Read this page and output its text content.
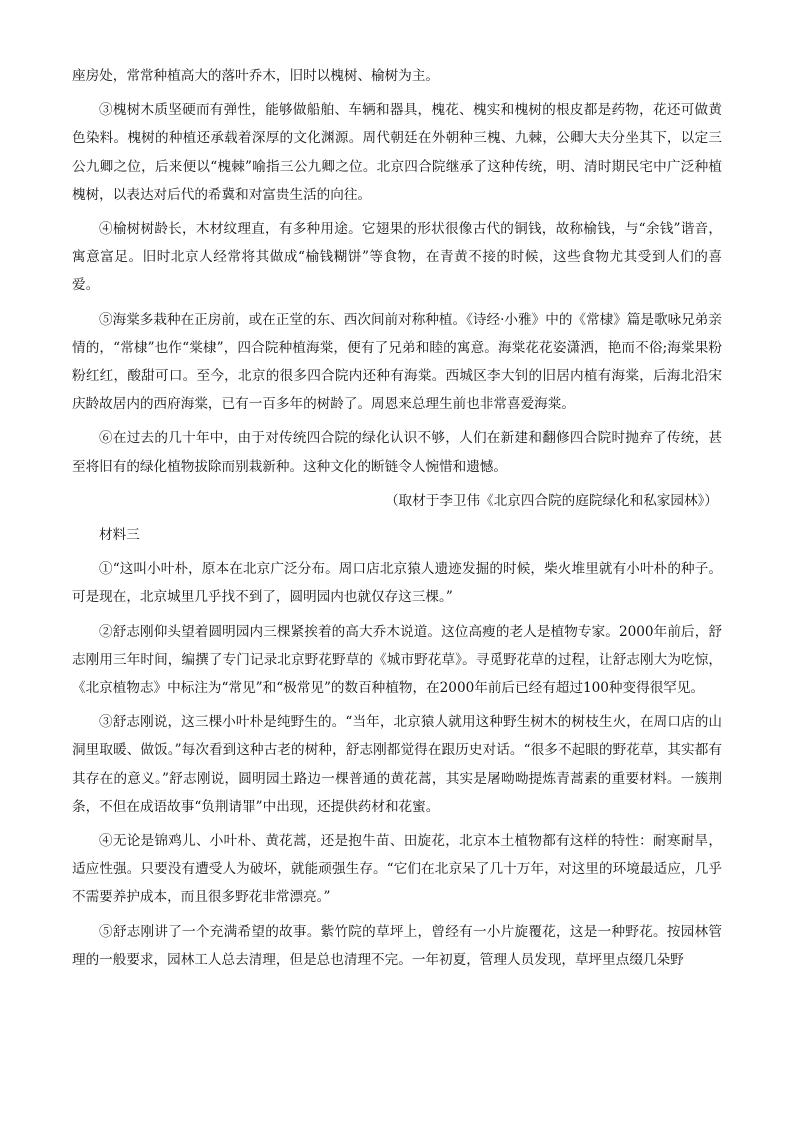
座房处，常常种植高大的落叶乔木，旧时以槐树、榆树为主。

③槐树木质坚硬而有弹性，能够做船舶、车辆和器具，槐花、槐实和槐树的根皮都是药物，花还可做黄色染料。槐树的种植还承载着深厚的文化渊源。周代朝廷在外朝种三槐、九棘，公卿大夫分坐其下，以定三公九卿之位，后来便以“槐棘”喻指三公九卿之位。北京四合院继承了这种传统，明、清时期民宅中广泛种植槐树，以表达对后代的希冀和对富贵生活的向往。

④榆树树龄长，木材纹理直，有多种用途。它翅果的形状很像古代的铜钱，故称榆钱，与“余钱”谐音，寓意富足。旧时北京人经常将其做成“榆钱糊饼”等食物，在青黄不接的时候，这些食物尤其受到人们的喜爱。

⑤海棠多栽种在正房前，或在正堂的东、西次间前对称种植。《诗经·小雅》中的《常棣》篇是歌咏兄弟亲情的，“常棣”也作“棠棣”，四合院种植海棠，便有了兄弟和睦的寓意。海棠花花姿潇洒，艳而不俗;海棠果粉粉红红，酸甜可口。至今，北京的很多四合院内还种有海棠。西城区李大钊的旧居内植有海棠，后海北沿宋庆龄故居内的西府海棠，已有一百多年的树龄了。周恩来总理生前也非常喜爱海棠。

⑥在过去的几十年中，由于对传统四合院的绿化认识不够，人们在新建和翻修四合院时抛弃了传统，甚至将旧有的绿化植物拔除而别栽新种。这种文化的断链令人惋惜和遗憾。

（取材于李卫伟《北京四合院的庭院绿化和私家园林》）

材料三

①“这叫小叶朴，原本在北京广泛分布。周口店北京猿人遗迹发掘的时候，柴火堆里就有小叶朴的种子。可是现在，北京城里几乎找不到了，圆明园内也就仅存这三棵。”

②舒志刚仰头望着圆明园内三棵紧挨着的高大乔木说道。这位高瘦的老人是植物专家。2000年前后，舒志刚用三年时间，编撰了专门记录北京野花野草的《城市野花草》。寻觅野花草的过程，让舒志刚大为吃惊，《北京植物志》中标注为“常见”和“极常见”的数百种植物，在2000年前后已经有超过100种变得很罕见。

③舒志刚说，这三棵小叶朴是纯野生的。“当年，北京猿人就用这种野生树木的树枝生火，在周口店的山洞里取暖、做饭。”每次看到这种古老的树种，舒志刚都觉得在跟历史对话。“很多不起眼的野花草，其实都有其存在的意义。”舒志刚说，圆明园土路边一棵普通的黄花蒿，其实是屠呦呦提炼青蒿素的重要材料。一簇荆条，不但在成语故事“负荆请罪”中出现，还提供药材和花蜜。

④无论是锦鸡儿、小叶朴、黄花蒿，还是抱牛苗、田旋花，北京本土植物都有这样的特性：耐寒耐旱，适应性强。只要没有遭受人为破坏，就能顽强生存。“它们在北京呆了几十万年，对这里的环境最适应，几乎不需要养护成本，而且很多野花非常漂亮。”

⑤舒志刚讲了一个充满希望的故事。紫竹院的草坪上，曾经有一小片旋覆花，这是一种野花。按园林管理的一般要求，园林工人总去清理，但是总也清理不完。一年初夏，管理人员发现，草坪里点缀几朵野
